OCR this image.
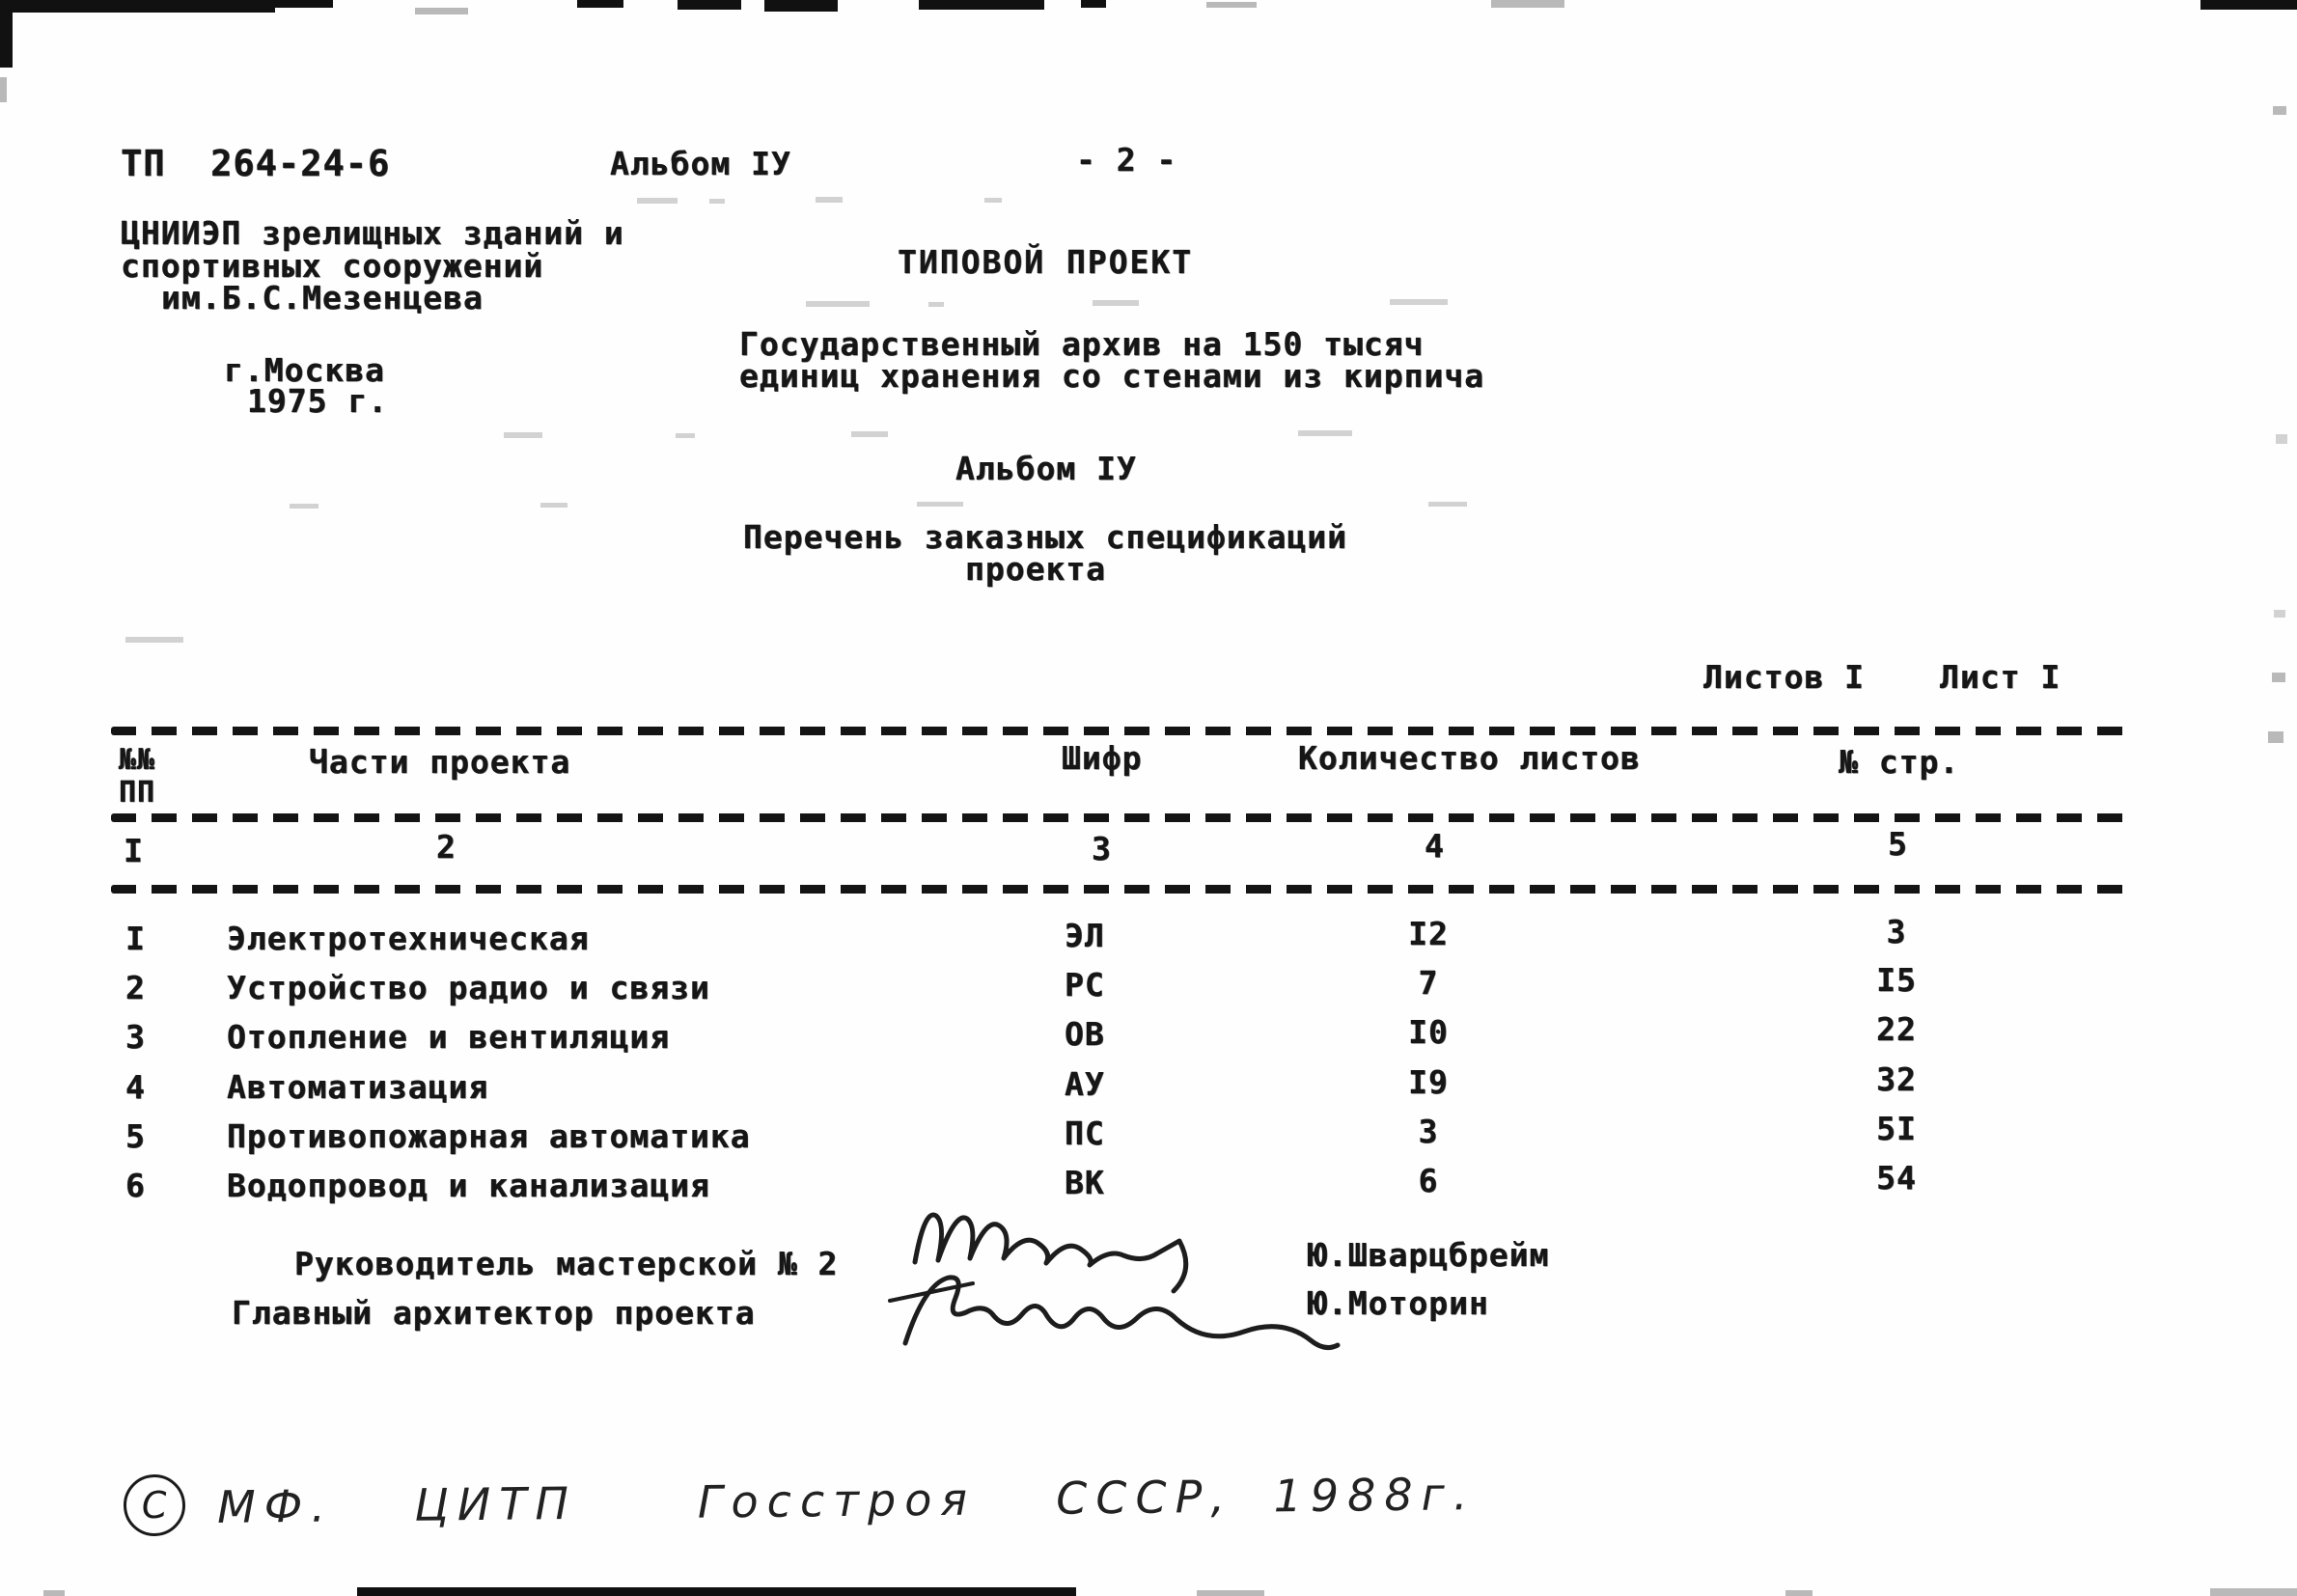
ТП  264-24-6	Альбом IУ	- 2 -
ЦНИИЭП зрелищных зданий и
спортивных сооружений
им.Б.С.Мезенцева
г.Москва
1975 г.
ТИПОВОЙ ПРОЕКТ
Государственный архив на 150 тысяч
единиц хранения со стенами из кирпича
Альбом IУ
Перечень заказных спецификаций
проекта
Листов I Лист I
№№
ПП
Части проекта	Шифр	Количество листов	№ стр.
I	2	3	4	5
I	Электротехническая	ЭЛ	I2	3
2	Устройство радио и связи	РС	7	I5
3	Отопление и вентиляция	ОВ	I0	22
4	Автоматизация	АУ	I9	32
5	Противопожарная автоматика	ПС	3	5I
6	Водопровод и канализация	ВК	6	54
Руководитель мастерской № 2
Главный архитектор проекта
Ю.Шварцбрейм
Ю.Моторин
С МФ.  ЦИТП   Госстроя  СССР, 1988г.
